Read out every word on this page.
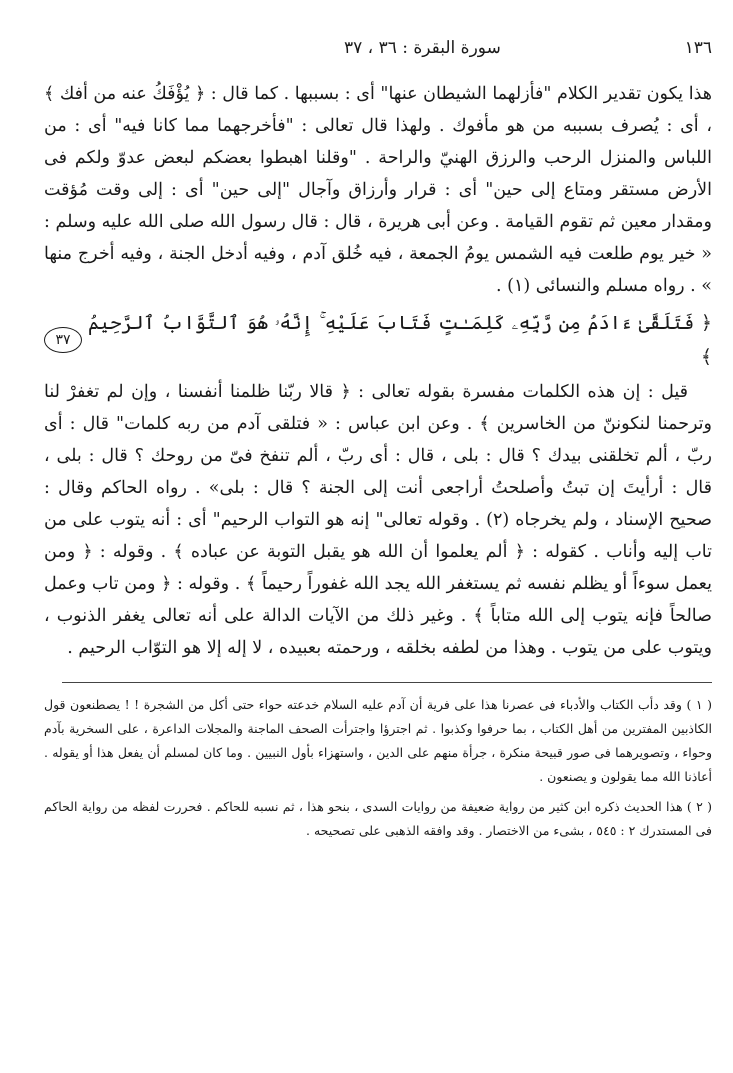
١٣٦
سورة البقرة : ٣٦ ، ٣٧

هذا يكون تقدير الكلام "فأزلهما الشيطان عنها" أى : بسببها . كما قال : ﴿ يُؤْفَكُ عنه من أفك ﴾ ، أى : يُصرف بسببه من هو مأفوك . ولهذا قال تعالى : "فأخرجهما مما كانا فيه" أى : من اللباس والمنزل الرحب والرزق الهنيّ والراحة . "وقلنا اهبطوا بعضكم لبعض عدوّ ولكم فى الأرض مستقر ومتاع إلى حين" أى : قرار وأرزاق وآجال "إلى حين" أى : إلى وقت مُؤقت ومقدار معين ثم تقوم القيامة . وعن أبى هريرة ، قال : قال رسول الله صلى الله عليه وسلم : « خير يوم طلعت فيه الشمس يومُ الجمعة ، فيه خُلق آدم ، وفيه أدخل الجنة ، وفيه أخرج منها » . رواه مسلم والنسائى (١) .

﴿ فَتَلَقَّىٰ ءَادَمُ مِن رَّبِّهِۦ كَلِمَـٰتٍ فَتَابَ عَلَيْهِ ۚ إِنَّهُۥ هُوَ ٱلتَّوَّابُ ٱلرَّحِيمُ ﴾
٣٧

قيل : إن هذه الكلمات مفسرة بقوله تعالى : ﴿ قالا ربّنا ظلمنا أنفسنا ، وإن لم تغفرْ لنا وترحمنا لنكوننّ من الخاسرين ﴾ . وعن ابن عباس : « فتلقى آدم من ربه كلمات" قال : أى ربّ ، ألم تخلقنى بيدك ؟ قال : بلى ، قال : أى ربّ ، ألم تنفخ فىّ من روحك ؟ قال : بلى ، قال : أرأيتَ إن تبتُ وأصلحتُ أراجعى أنت إلى الجنة ؟ قال : بلى» . رواه الحاكم وقال : صحيح الإسناد ، ولم يخرجاه (٢) . وقوله تعالى" إنه هو التواب الرحيم" أى : أنه يتوب على من تاب إليه وأناب . كقوله : ﴿ ألم يعلموا أن الله هو يقبل التوبة عن عباده ﴾ . وقوله : ﴿ ومن يعمل سوءاً أو يظلم نفسه ثم يستغفر الله يجد الله غفوراً رحيماً ﴾ . وقوله : ﴿ ومن تاب وعمل صالحاً فإنه يتوب إلى الله متاباً ﴾ . وغير ذلك من الآيات الدالة على أنه تعالى يغفر الذنوب ، ويتوب على من يتوب . وهذا من لطفه بخلقه ، ورحمته بعبيده ، لا إله إلا هو التوّاب الرحيم .

( ١ ) وقد دأب الكتاب والأدباء فى عصرنا هذا على فرية أن آدم عليه السلام خدعته حواء حتى أكل من الشجرة ! ! يصطنعون قول الكاذبين المفترين من أهل الكتاب ، بما حرفوا وكذبوا . ثم اجترؤا واجترأت الصحف الماجنة والمجلات الداعرة ، على السخرية بآدم وحواء ، وتصويرهما فى صور قبيحة منكرة ، جرأة منهم على الدين ، واستهزاء بأول النبيين . وما كان لمسلم أن يفعل هذا أو يقوله . أعاذنا الله مما يقولون و يصنعون .

( ٢ ) هذا الحديث ذكره ابن كثير من رواية ضعيفة من روايات السدى ، بنحو هذا ، ثم نسبه للحاكم . فحررت لفظه من رواية الحاكم فى المستدرك ٢ : ٥٤٥ ، بشىء من الاختصار . وقد وافقه الذهبى على تصحيحه .
